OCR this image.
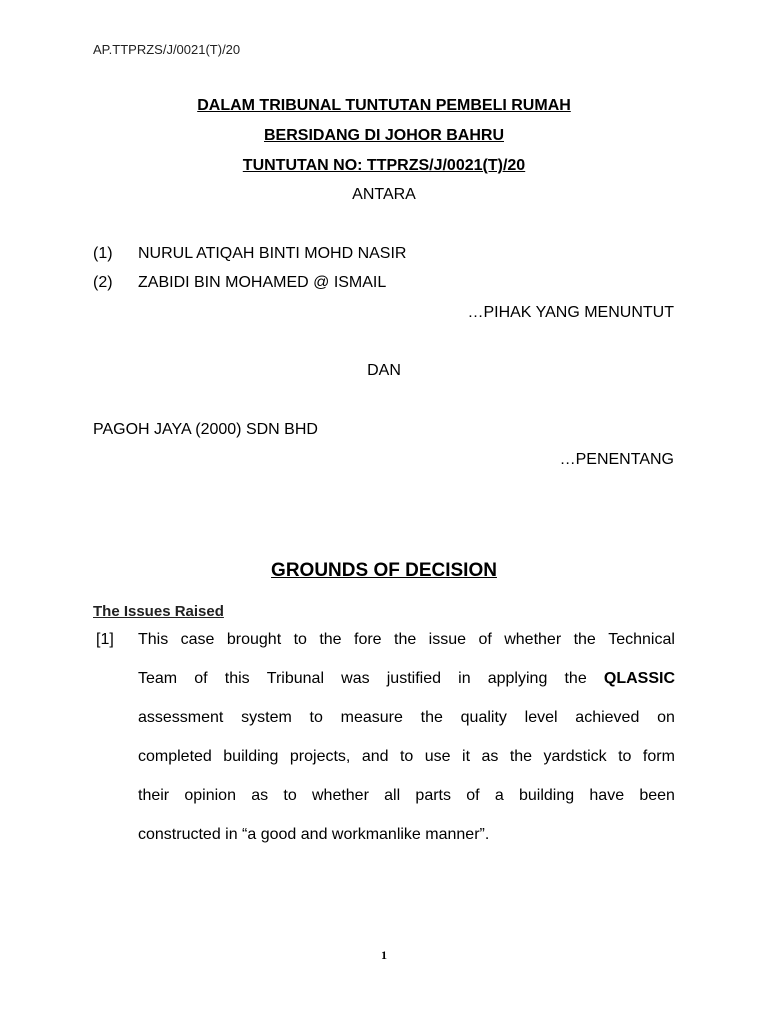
AP.TTPRZS/J/0021(T)/20
DALAM TRIBUNAL TUNTUTAN PEMBELI RUMAH
BERSIDANG DI JOHOR BAHRU
TUNTUTAN NO: TTPRZS/J/0021(T)/20
ANTARA
(1) NURUL ATIQAH BINTI MOHD NASIR
(2) ZABIDI BIN MOHAMED @ ISMAIL
…PIHAK YANG MENUNTUT
DAN
PAGOH JAYA (2000) SDN BHD
…PENENTANG
GROUNDS OF DECISION
The Issues Raised
[1] This case brought to the fore the issue of whether the Technical
Team of this Tribunal was justified in applying the QLASSIC
assessment system to measure the quality level achieved on
completed building projects, and to use it as the yardstick to form
their opinion as to whether all parts of a building have been
constructed in “a good and workmanlike manner”.
1
